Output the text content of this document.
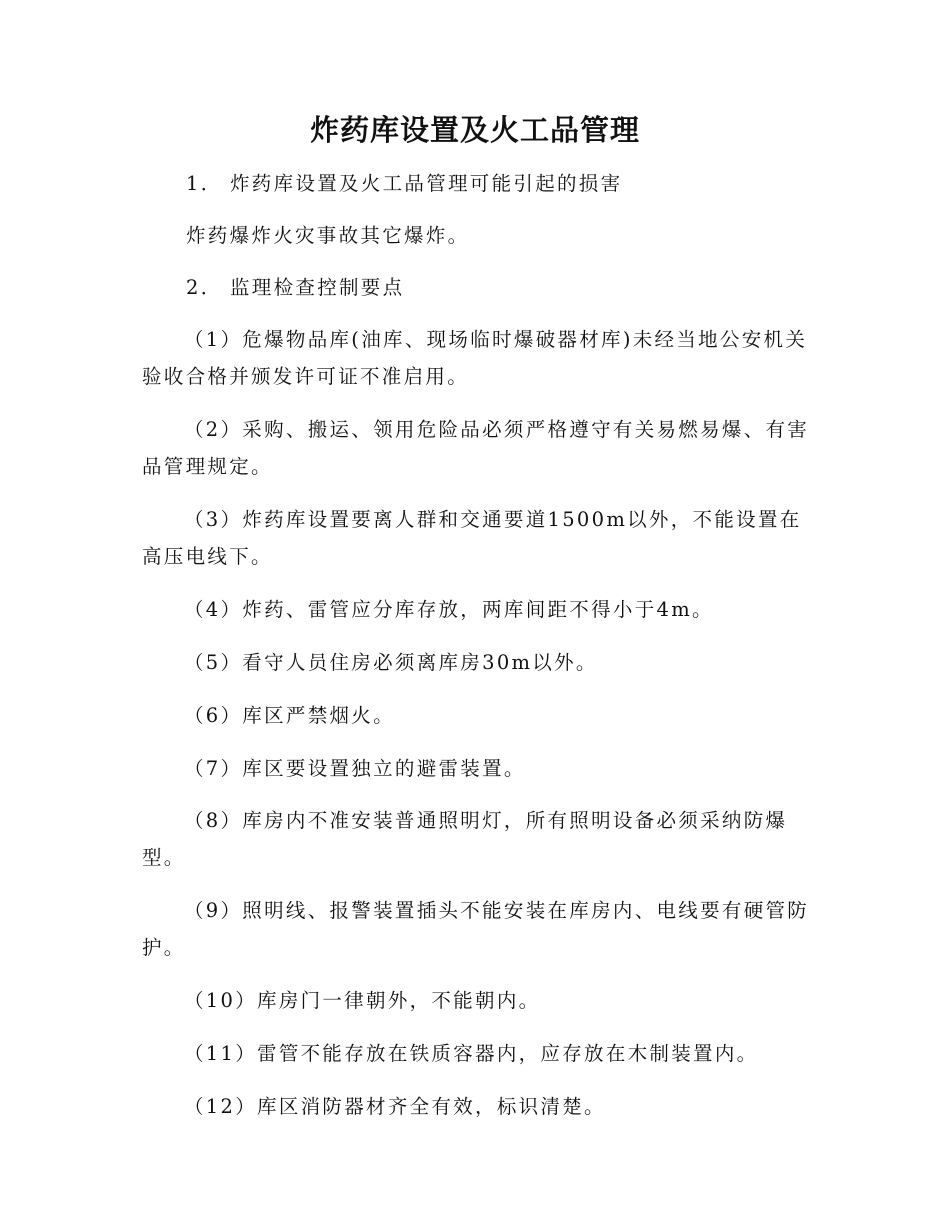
炸药库设置及火工品管理
1． 炸药库设置及火工品管理可能引起的损害
炸药爆炸火灾事故其它爆炸。
2． 监理检查控制要点
（1）危爆物品库(油库、现场临时爆破器材库)未经当地公安机关验收合格并颁发许可证不准启用。
（2）采购、搬运、领用危险品必须严格遵守有关易燃易爆、有害品管理规定。
（3）炸药库设置要离人群和交通要道1500m以外，不能设置在高压电线下。
（4）炸药、雷管应分库存放，两库间距不得小于4m。
（5）看守人员住房必须离库房30m以外。
（6）库区严禁烟火。
（7）库区要设置独立的避雷装置。
（8）库房内不准安装普通照明灯，所有照明设备必须采纳防爆型。
（9）照明线、报警装置插头不能安装在库房内、电线要有硬管防护。
（10）库房门一律朝外，不能朝内。
（11）雷管不能存放在铁质容器内，应存放在木制装置内。
（12）库区消防器材齐全有效，标识清楚。
